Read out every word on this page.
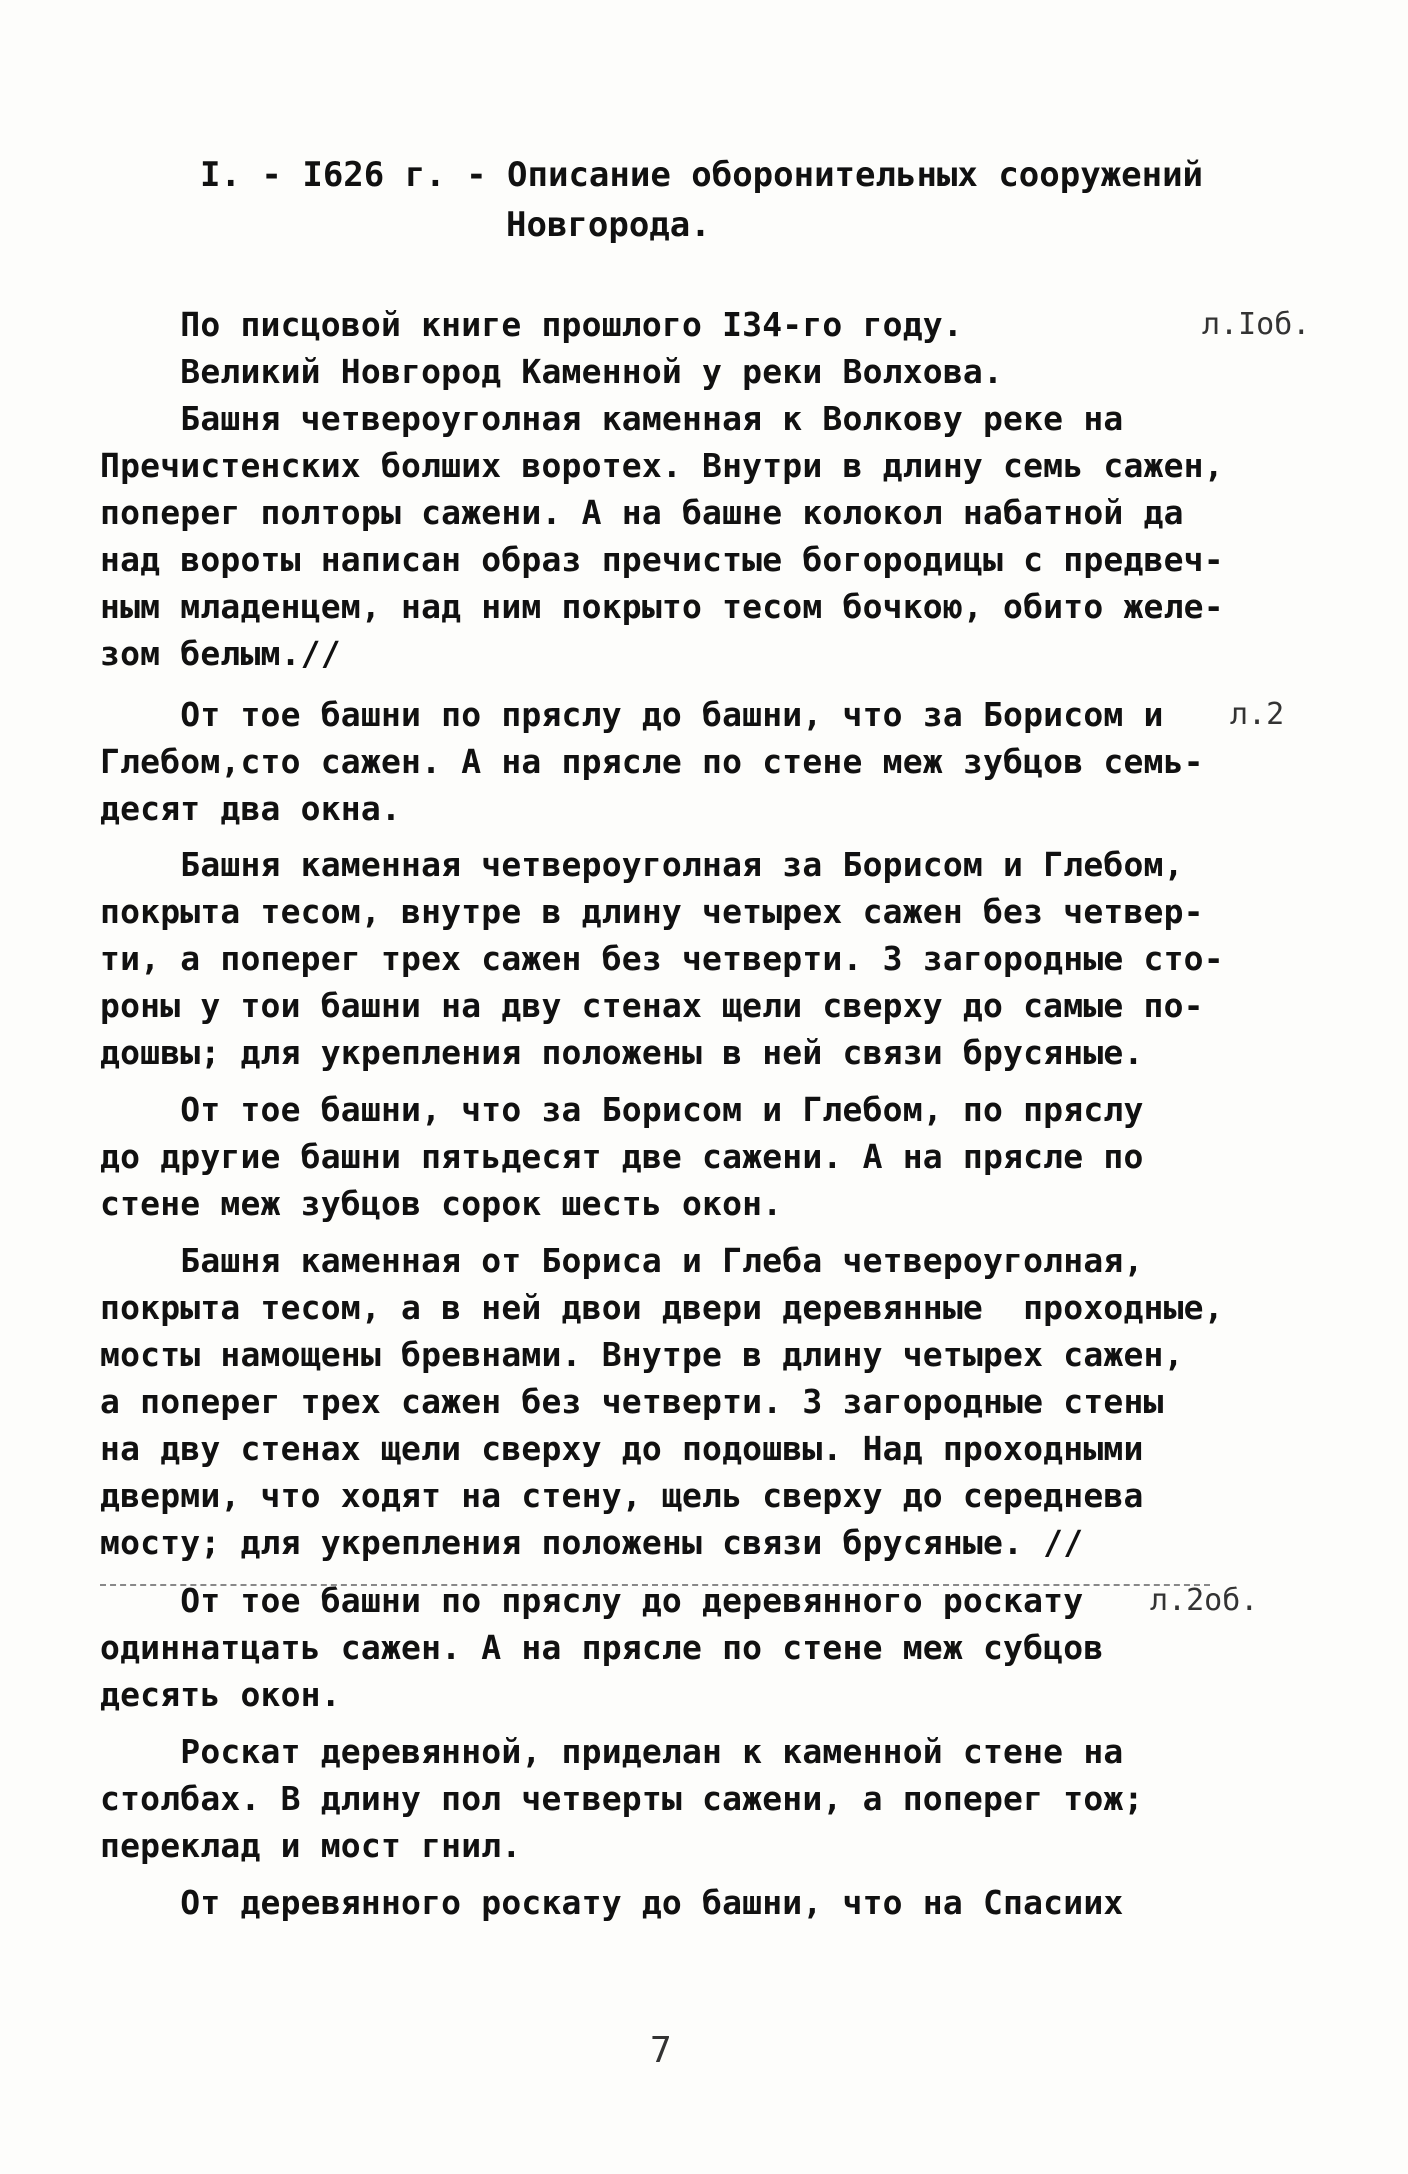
I. - I626 г. - Описание оборонительных сооружений
Новгорода.
По писцовой книге прошлого I34-го году.
Великий Новгород Каменной у реки Волхова.
Башня четвероуголная каменная к Волкову реке на
Пречистенских болших воротех. Внутри в длину семь сажен,
поперег полторы сажени. А на башне колокол набатной да
над вороты написан образ пречистые богородицы с предвеч-
ным младенцем, над ним покрыто тесом бочкою, обито желе-
зом белым.//
От тое башни по пряслу до башни, что за Борисом и
Глебом,сто сажен. А на прясле по стене меж зубцов семь-
десят два окна.
Башня каменная четвероуголная за Борисом и Глебом,
покрыта тесом, внутре в длину четырех сажен без четвер-
ти, а поперег трех сажен без четверти. 3 загородные сто-
роны у тои башни на дву стенах щели сверху до самые по-
дошвы; для укрепления положены в ней связи брусяные.
От тое башни, что за Борисом и Глебом, по пряслу
до другие башни пятьдесят две сажени. А на прясле по
стене меж зубцов сорок шесть окон.
Башня каменная от Бориса и Глеба четвероуголная,
покрыта тесом, а в ней двои двери деревянные  проходные,
мосты намощены бревнами. Внутре в длину четырех сажен,
а поперег трех сажен без четверти. 3 загородные стены
на дву стенах щели сверху до подошвы. Над проходными
дверми, что ходят на стену, щель сверху до середнева
мосту; для укрепления положены связи брусяные. //
От тое башни по пряслу до деревянного роскату
одиннатцать сажен. А на прясле по стене меж субцов
десять окон.
Роскат деревянной, приделан к каменной стене на
столбах. В длину пол четверты сажени, а поперег тож;
переклад и мост гнил.
От деревянного роскату до башни, что на Спасиих
л.Iоб.
л.2
л.2об.
7
